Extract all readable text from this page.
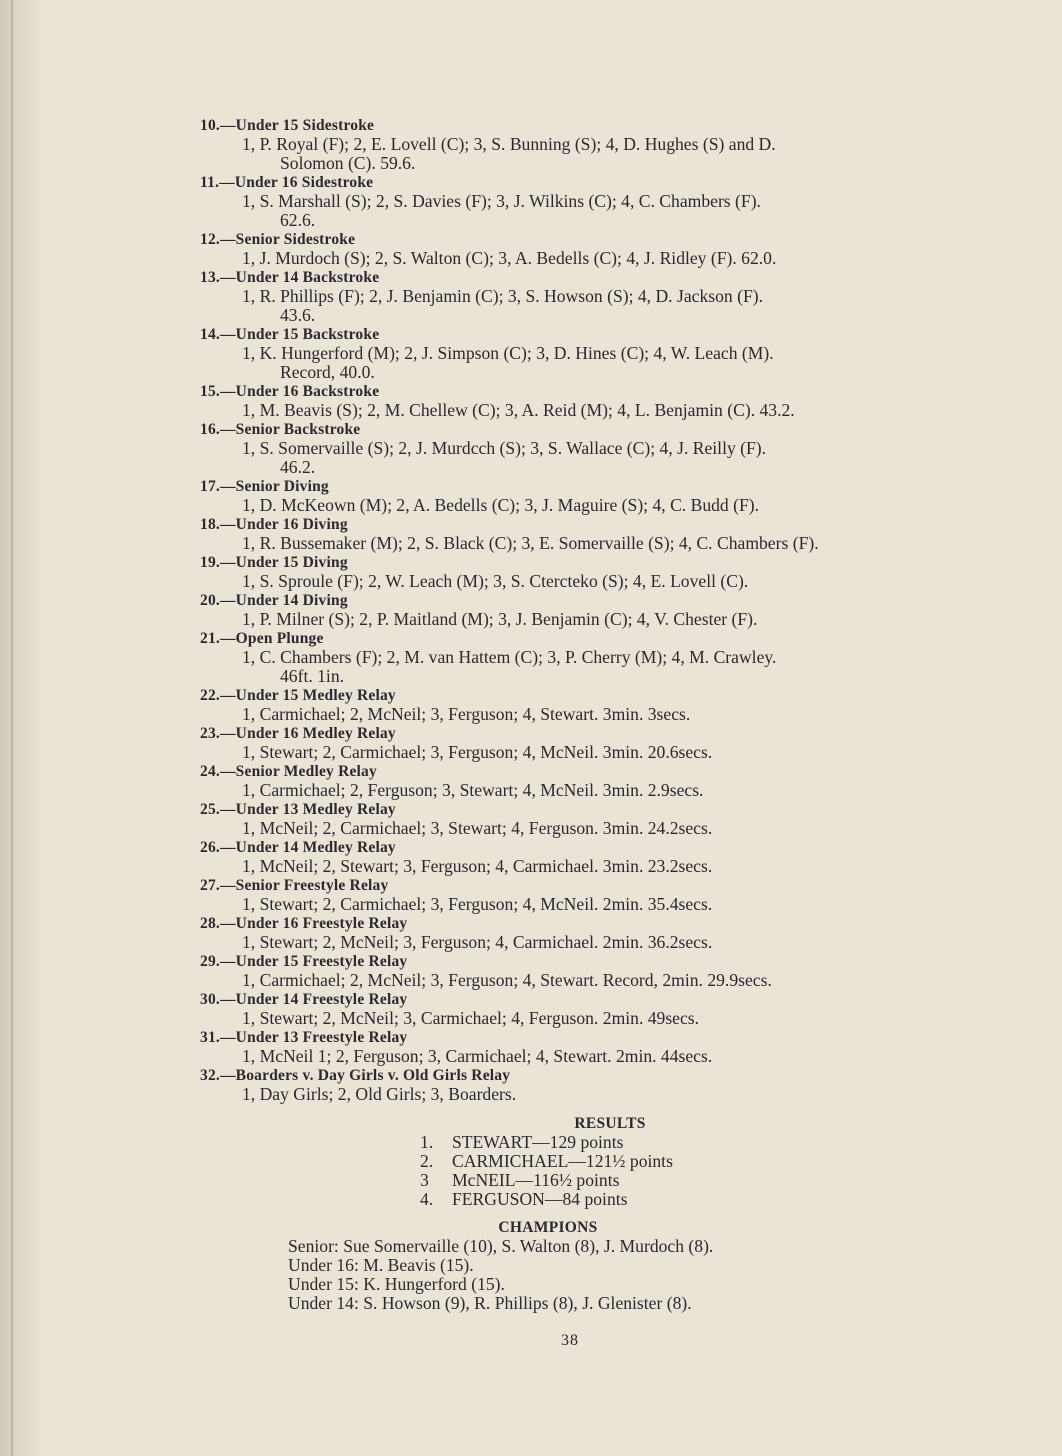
10.—Under 15 Sidestroke
1, P. Royal (F); 2, E. Lovell (C); 3, S. Bunning (S); 4, D. Hughes (S) and D.
Solomon (C). 59.6.
11.—Under 16 Sidestroke
1, S. Marshall (S); 2, S. Davies (F); 3, J. Wilkins (C); 4, C. Chambers (F).
62.6.
12.—Senior Sidestroke
1, J. Murdoch (S); 2, S. Walton (C); 3, A. Bedells (C); 4, J. Ridley (F). 62.0.
13.—Under 14 Backstroke
1, R. Phillips (F); 2, J. Benjamin (C); 3, S. Howson (S); 4, D. Jackson (F).
43.6.
14.—Under 15 Backstroke
1, K. Hungerford (M); 2, J. Simpson (C); 3, D. Hines (C); 4, W. Leach (M).
Record, 40.0.
15.—Under 16 Backstroke
1, M. Beavis (S); 2, M. Chellew (C); 3, A. Reid (M); 4, L. Benjamin (C). 43.2.
16.—Senior Backstroke
1, S. Somervaille (S); 2, J. Murdcch (S); 3, S. Wallace (C); 4, J. Reilly (F).
46.2.
17.—Senior Diving
1, D. McKeown (M); 2, A. Bedells (C); 3, J. Maguire (S); 4, C. Budd (F).
18.—Under 16 Diving
1, R. Bussemaker (M); 2, S. Black (C); 3, E. Somervaille (S); 4, C. Chambers (F).
19.—Under 15 Diving
1, S. Sproule (F); 2, W. Leach (M); 3, S. Ctercteko (S); 4, E. Lovell (C).
20.—Under 14 Diving
1, P. Milner (S); 2, P. Maitland (M); 3, J. Benjamin (C); 4, V. Chester (F).
21.—Open Plunge
1, C. Chambers (F); 2, M. van Hattem (C); 3, P. Cherry (M); 4, M. Crawley.
46ft. 1in.
22.—Under 15 Medley Relay
1, Carmichael; 2, McNeil; 3, Ferguson; 4, Stewart. 3min. 3secs.
23.—Under 16 Medley Relay
1, Stewart; 2, Carmichael; 3, Ferguson; 4, McNeil. 3min. 20.6secs.
24.—Senior Medley Relay
1, Carmichael; 2, Ferguson; 3, Stewart; 4, McNeil. 3min. 2.9secs.
25.—Under 13 Medley Relay
1, McNeil; 2, Carmichael; 3, Stewart; 4, Ferguson. 3min. 24.2secs.
26.—Under 14 Medley Relay
1, McNeil; 2, Stewart; 3, Ferguson; 4, Carmichael. 3min. 23.2secs.
27.—Senior Freestyle Relay
1, Stewart; 2, Carmichael; 3, Ferguson; 4, McNeil. 2min. 35.4secs.
28.—Under 16 Freestyle Relay
1, Stewart; 2, McNeil; 3, Ferguson; 4, Carmichael. 2min. 36.2secs.
29.—Under 15 Freestyle Relay
1, Carmichael; 2, McNeil; 3, Ferguson; 4, Stewart. Record, 2min. 29.9secs.
30.—Under 14 Freestyle Relay
1, Stewart; 2, McNeil; 3, Carmichael; 4, Ferguson. 2min. 49secs.
31.—Under 13 Freestyle Relay
1, McNeil 1; 2, Ferguson; 3, Carmichael; 4, Stewart. 2min. 44secs.
32.—Boarders v. Day Girls v. Old Girls Relay
1, Day Girls; 2, Old Girls; 3, Boarders.

RESULTS

1.	STEWART—129 points
2.	CARMICHAEL—121½ points
3	McNEIL—116½ points
4.	FERGUSON—84 points

CHAMPIONS

Senior: Sue Somervaille (10), S. Walton (8), J. Murdoch (8).
Under 16: M. Beavis (15).
Under 15: K. Hungerford (15).
Under 14: S. Howson (9), R. Phillips (8), J. Glenister (8).
38
